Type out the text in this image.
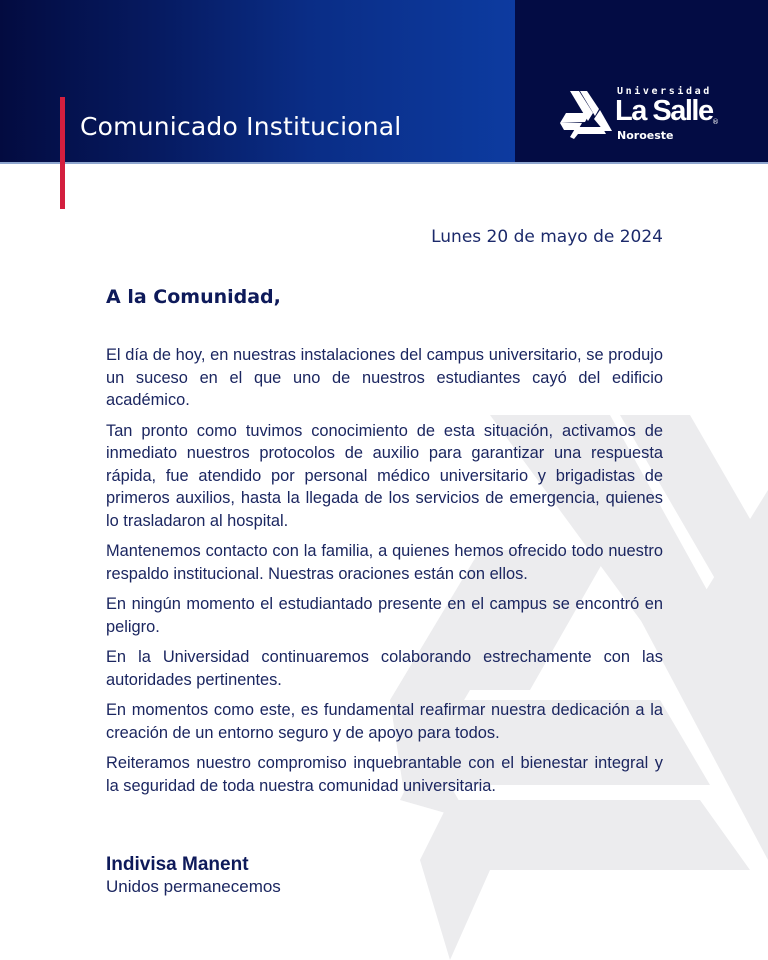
Comunicado Institucional
Universidad
La Salle ®
Noroeste
Lunes 20 de mayo de 2024
A la Comunidad,

El día de hoy, en nuestras instalaciones del campus universitario, se produjo un suceso en el que uno de nuestros estudiantes cayó del edificio académico.

Tan pronto como tuvimos conocimiento de esta situación, activamos de inmediato nuestros protocolos de auxilio para garantizar una respuesta rápida, fue atendido por personal médico universitario y brigadistas de primeros auxilios, hasta la llegada de los servicios de emergencia, quienes lo trasladaron al hospital.

Mantenemos contacto con la familia, a quienes hemos ofrecido todo nuestro respaldo institucional. Nuestras oraciones están con ellos.

En ningún momento el estudiantado presente en el campus se encontró en peligro.

En la Universidad continuaremos colaborando estrechamente con las autoridades pertinentes.

En momentos como este, es fundamental reafirmar nuestra dedicación a la creación de un entorno seguro y de apoyo para todos.

Reiteramos nuestro compromiso inquebrantable con el bienestar integral y la seguridad de toda nuestra comunidad universitaria.

Indivisa Manent
Unidos permanecemos
